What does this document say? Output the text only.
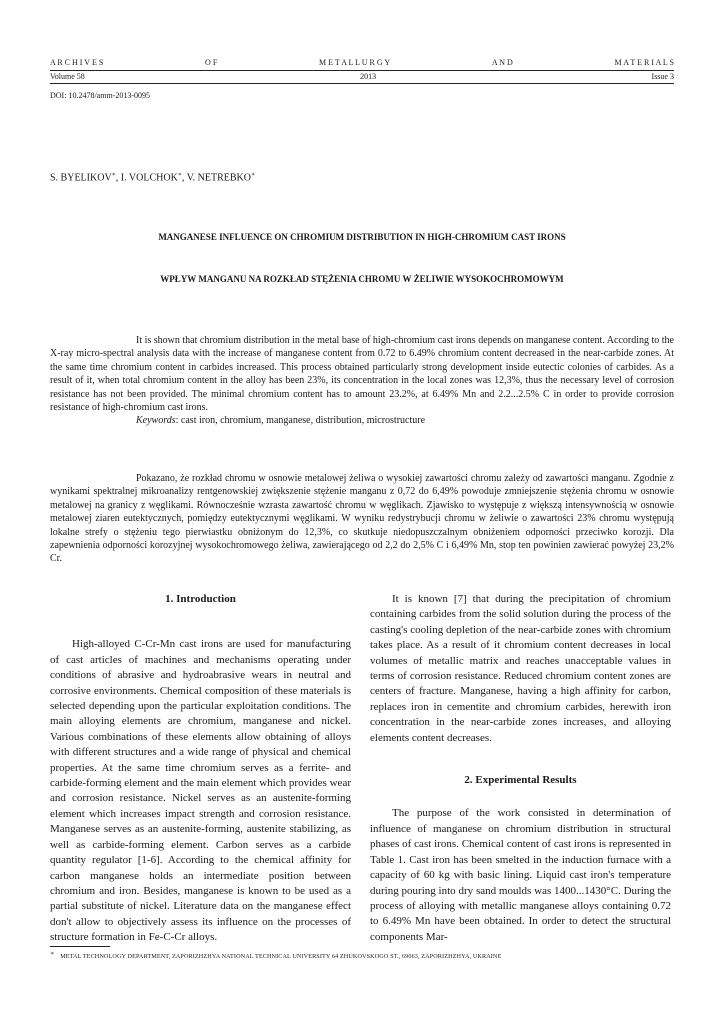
A R C H I V E S	O F	M E T A L L U R G Y	A N D	M A T E R I A L S
Volume 58	2013	Issue 3
DOI: 10.2478/amm-2013-0095
S. BYELIKOV∗, I. VOLCHOK∗, V. NETREBKO∗
MANGANESE INFLUENCE ON CHROMIUM DISTRIBUTION IN HIGH-CHROMIUM CAST IRONS
WPŁYW MANGANU NA ROZKŁAD STĘŻENIA CHROMU W ŻELIWIE WYSOKOCHROMOWYM

It is shown that chromium distribution in the metal base of high-chromium cast irons depends on manganese content. According to the X-ray micro-spectral analysis data with the increase of manganese content from 0.72 to 6.49% chromium content decreased in the near-carbide zones. At the same time chromium content in carbides increased. This process obtained particularly strong development inside eutectic colonies of carbides. As a result of it, when total chromium content in the alloy has been 23%, its concentration in the local zones was 12,3%, thus the necessary level of corrosion resistance has not been provided. The minimal chromium content has to amount 23.2%, at 6.49% Mn and 2.2...2.5% C in order to provide corrosion resistance of high-chromium cast irons.

Keywords: cast iron, chromium, manganese, distribution, microstructure

Pokazano, że rozkład chromu w osnowie metalowej żeliwa o wysokiej zawartości chromu zależy od zawartości manganu. Zgodnie z wynikami spektralnej mikroanalizy rentgenowskiej zwiększenie stężenie manganu z 0,72 do 6,49% powoduje zmniejszenie stężenia chromu w osnowie metalowej na granicy z węglikami. Równocześnie wzrasta zawartość chromu w węglikach. Zjawisko to występuje z większą intensywnością w osnowie metalowej ziaren eutektycznych, pomiędzy eutektycznymi węglikami. W wyniku redystrybucji chromu w żeliwie o zawartości 23% chromu występują lokalne strefy o stężeniu tego pierwiastku obniżonym do 12,3%, co skutkuje niedopuszczalnym obniżeniem odporności przeciwko korozji. Dla zapewnienia odporności korozyjnej wysokochromowego żeliwa, zawierającego od 2,2 do 2,5% C i 6,49% Mn, stop ten powinien zawierać powyżej 23,2% Cr.

1. Introduction

High-alloyed C-Cr-Mn cast irons are used for manufacturing of cast articles of machines and mechanisms operating under conditions of abrasive and hydroabrasive wears in neutral and corrosive environments. Chemical composition of these materials is selected depending upon the particular exploitation conditions. The main alloying elements are chromium, manganese and nickel. Various combinations of these elements allow obtaining of alloys with different structures and a wide range of physical and chemical properties. At the same time chromium serves as a ferrite- and carbide-forming element and the main element which provides wear and corrosion resistance. Nickel serves as an austenite-forming element which increases impact strength and corrosion resistance. Manganese serves as an austenite-forming, austenite stabilizing, as well as carbide-forming element. Carbon serves as a carbide quantity regulator [1-6]. According to the chemical affinity for carbon manganese holds an intermediate position between chromium and iron. Besides, manganese is known to be used as a partial substitute of nickel. Literature data on the manganese effect don't allow to objectively assess its influence on the processes of structure formation in Fe-C-Cr alloys.

It is known [7] that during the precipitation of chromium containing carbides from the solid solution during the process of the casting's cooling depletion of the near-carbide zones with chromium takes place. As a result of it chromium content decreases in local volumes of metallic matrix and reaches unacceptable values in terms of corrosion resistance. Reduced chromium content zones are centers of fracture. Manganese, having a high affinity for carbon, replaces iron in cementite and chromium carbides, herewith iron concentration in the near-carbide zones increases, and alloying elements content decreases.

2. Experimental Results

The purpose of the work consisted in determination of influence of manganese on chromium distribution in structural phases of cast irons. Chemical content of cast irons is represented in Table 1. Cast iron has been smelted in the induction furnace with a capacity of 60 kg with basic lining. Liquid cast iron's temperature during pouring into dry sand moulds was 1400...1430°C. During the process of alloying with metallic manganese alloys containing 0.72 to 6.49% Mn have been obtained. In order to detect the structural components Mar-

∗ METAL TECHNOLOGY DEPARTMENT, ZAPORIZHZHYA NATIONAL TECHNICAL UNIVERSITY 64 ZHUKOVSKOGO ST., 69063, ZAPORIZHZHYA, UKRAINE
